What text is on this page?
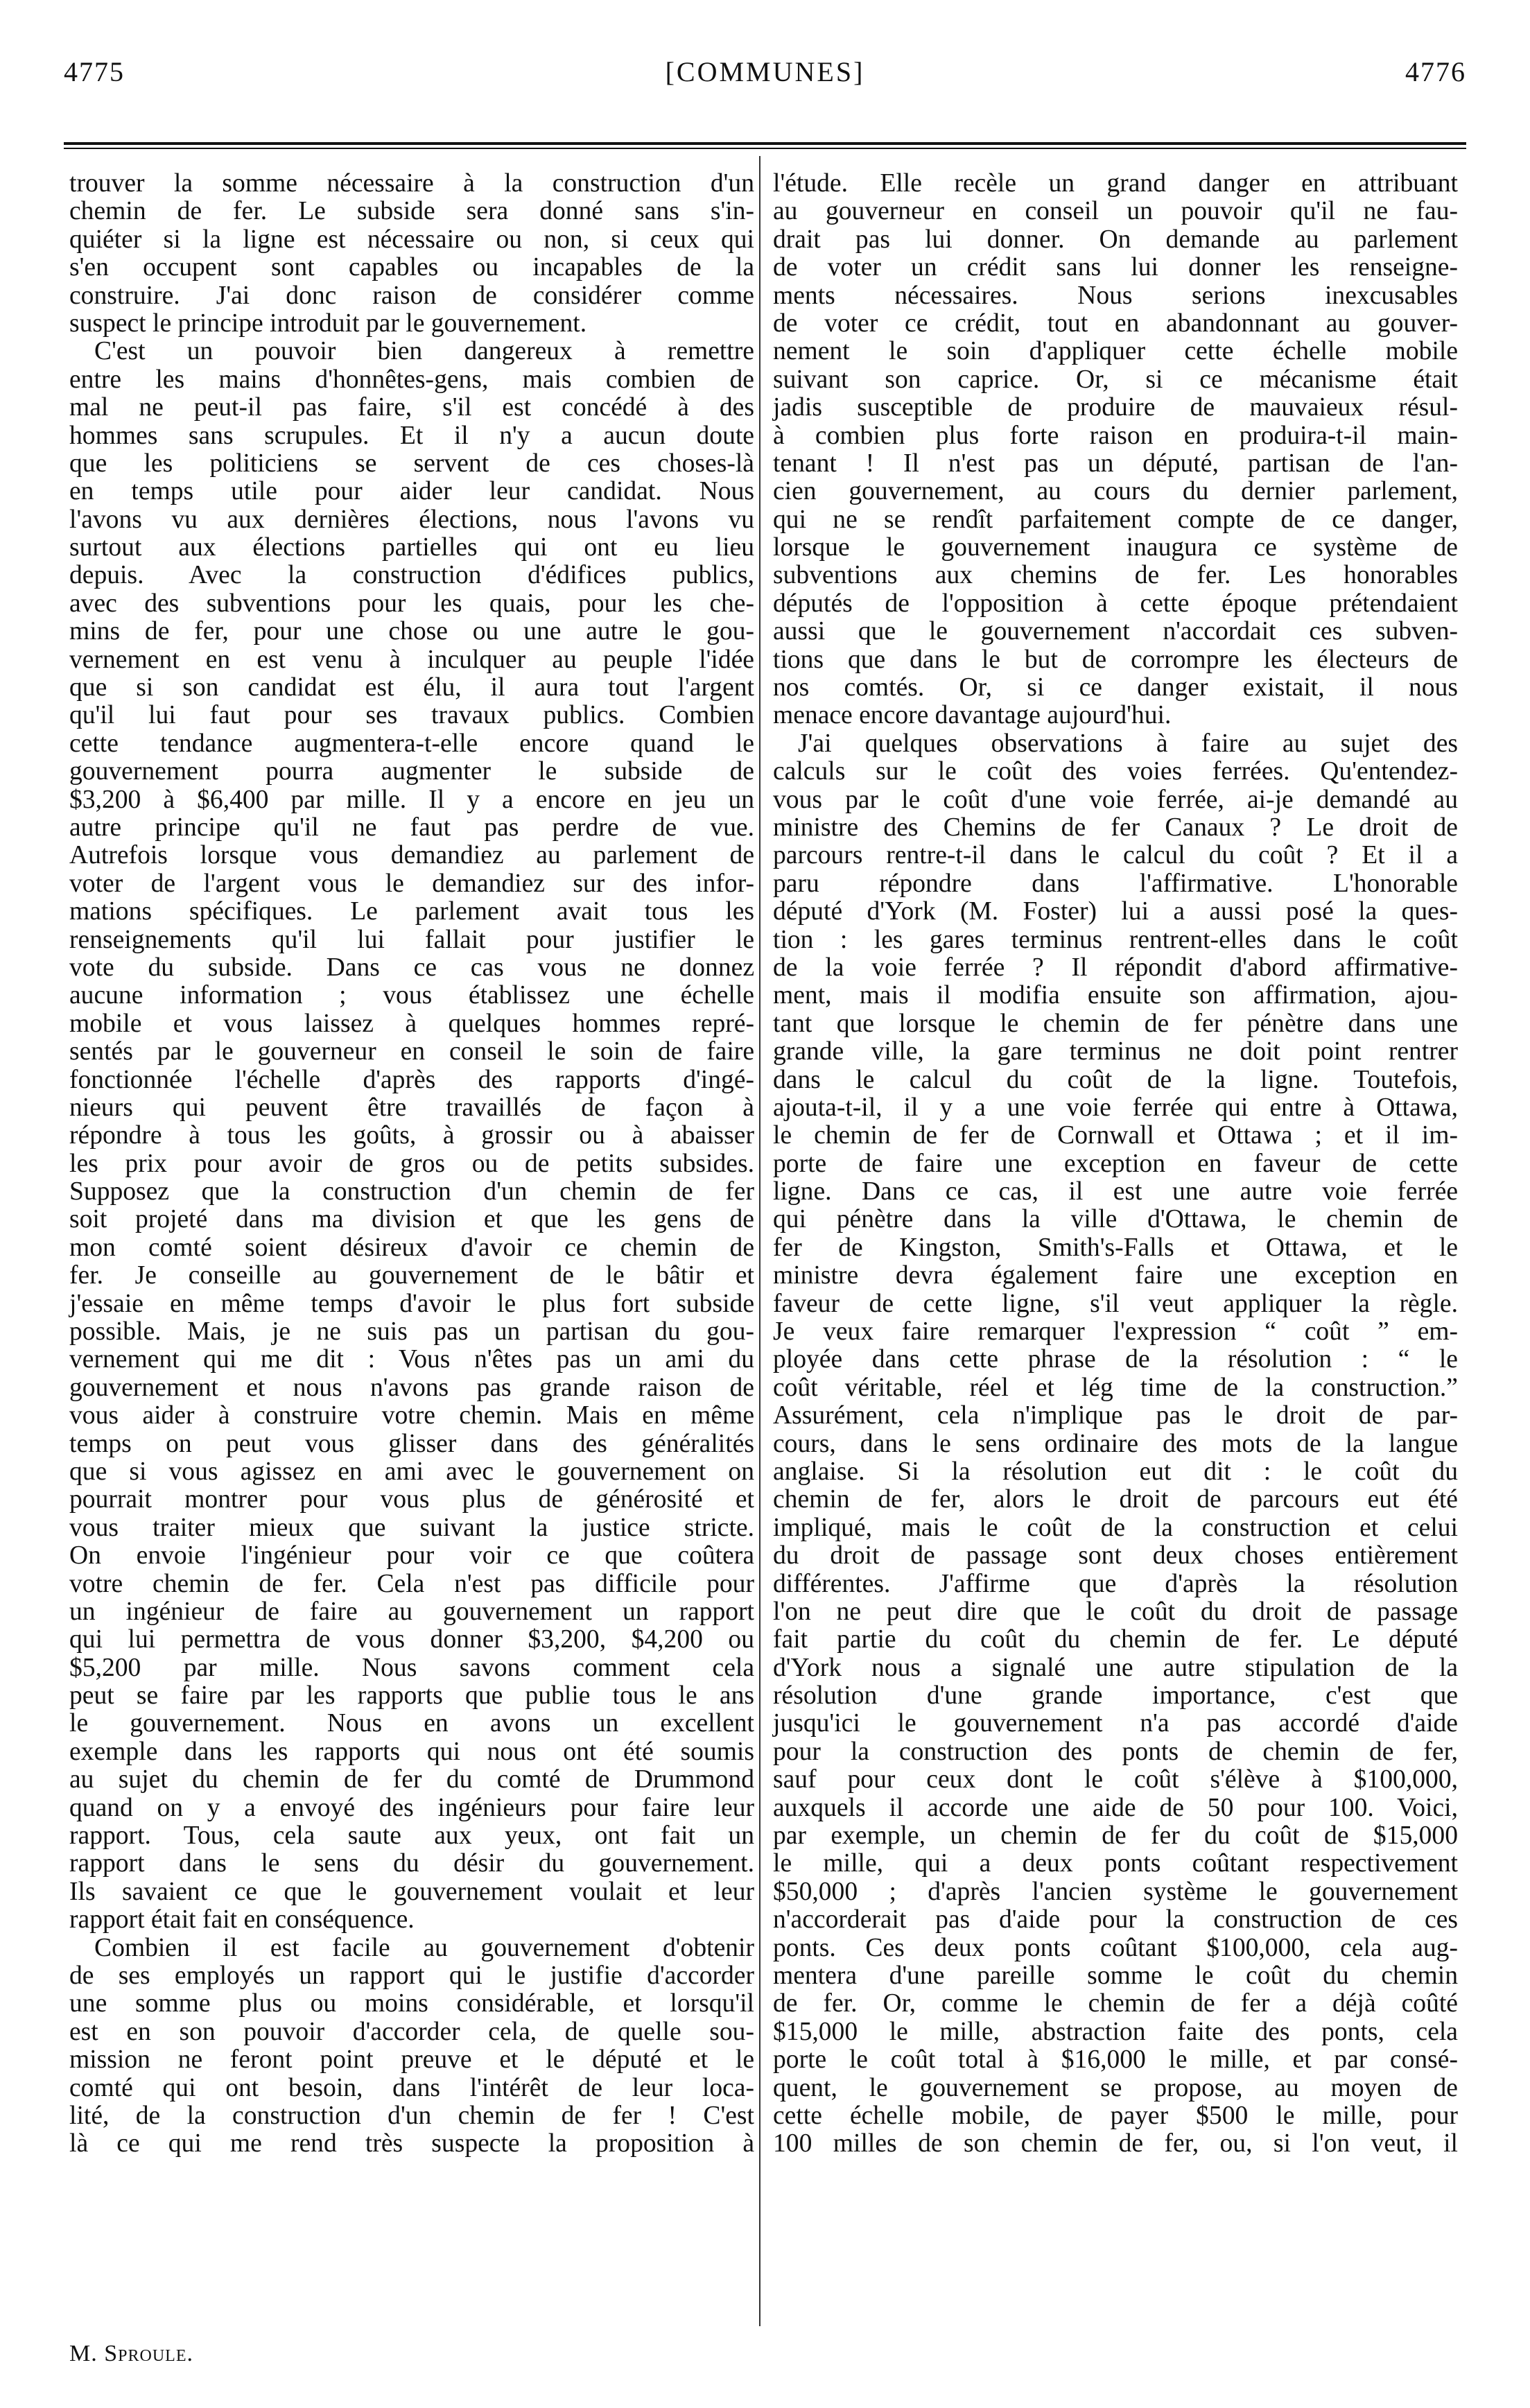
4775	[COMMUNES]	4776
trouver la somme nécessaire à la construction d'un
chemin de fer. Le subside sera donné sans s'in-
quiéter si la ligne est nécessaire ou non, si ceux qui
s'en occupent sont capables ou incapables de la
construire. J'ai donc raison de considérer comme
suspect le principe introduit par le gouvernement.
C'est un pouvoir bien dangereux à remettre
entre les mains d'honnêtes-gens, mais combien de
mal ne peut-il pas faire, s'il est concédé à des
hommes sans scrupules. Et il n'y a aucun doute
que les politiciens se servent de ces choses-là
en temps utile pour aider leur candidat. Nous
l'avons vu aux dernières élections, nous l'avons vu
surtout aux élections partielles qui ont eu lieu
depuis. Avec la construction d'édifices publics,
avec des subventions pour les quais, pour les che-
mins de fer, pour une chose ou une autre le gou-
vernement en est venu à inculquer au peuple l'idée
que si son candidat est élu, il aura tout l'argent
qu'il lui faut pour ses travaux publics. Combien
cette tendance augmentera-t-elle encore quand le
gouvernement pourra augmenter le subside de
$3,200 à $6,400 par mille. Il y a encore en jeu un
autre principe qu'il ne faut pas perdre de vue.
Autrefois lorsque vous demandiez au parlement de
voter de l'argent vous le demandiez sur des infor-
mations spécifiques. Le parlement avait tous les
renseignements qu'il lui fallait pour justifier le
vote du subside. Dans ce cas vous ne donnez
aucune information ; vous établissez une échelle
mobile et vous laissez à quelques hommes repré-
sentés par le gouverneur en conseil le soin de faire
fonctionnée l'échelle d'après des rapports d'ingé-
nieurs qui peuvent être travaillés de façon à
répondre à tous les goûts, à grossir ou à abaisser
les prix pour avoir de gros ou de petits subsides.
Supposez que la construction d'un chemin de fer
soit projeté dans ma division et que les gens de
mon comté soient désireux d'avoir ce chemin de
fer. Je conseille au gouvernement de le bâtir et
j'essaie en même temps d'avoir le plus fort subside
possible. Mais, je ne suis pas un partisan du gou-
vernement qui me dit : Vous n'êtes pas un ami du
gouvernement et nous n'avons pas grande raison de
vous aider à construire votre chemin. Mais en même
temps on peut vous glisser dans des généralités
que si vous agissez en ami avec le gouvernement on
pourrait montrer pour vous plus de générosité et
vous traiter mieux que suivant la justice stricte.
On envoie l'ingénieur pour voir ce que coûtera
votre chemin de fer. Cela n'est pas difficile pour
un ingénieur de faire au gouvernement un rapport
qui lui permettra de vous donner $3,200, $4,200 ou
$5,200 par mille. Nous savons comment cela
peut se faire par les rapports que publie tous le ans
le gouvernement. Nous en avons un excellent
exemple dans les rapports qui nous ont été soumis
au sujet du chemin de fer du comté de Drummond
quand on y a envoyé des ingénieurs pour faire leur
rapport. Tous, cela saute aux yeux, ont fait un
rapport dans le sens du désir du gouvernement.
Ils savaient ce que le gouvernement voulait et leur
rapport était fait en conséquence.
Combien il est facile au gouvernement d'obtenir
de ses employés un rapport qui le justifie d'accorder
une somme plus ou moins considérable, et lorsqu'il
est en son pouvoir d'accorder cela, de quelle sou-
mission ne feront point preuve et le député et le
comté qui ont besoin, dans l'intérêt de leur loca-
lité, de la construction d'un chemin de fer ! C'est
là ce qui me rend très suspecte la proposition à
l'étude. Elle recèle un grand danger en attribuant
au gouverneur en conseil un pouvoir qu'il ne fau-
drait pas lui donner. On demande au parlement
de voter un crédit sans lui donner les renseigne-
ments nécessaires. Nous serions inexcusables
de voter ce crédit, tout en abandonnant au gouver-
nement le soin d'appliquer cette échelle mobile
suivant son caprice. Or, si ce mécanisme était
jadis susceptible de produire de mauvaieux résul-
à combien plus forte raison en produira-t-il main-
tenant ! Il n'est pas un député, partisan de l'an-
cien gouvernement, au cours du dernier parlement,
qui ne se rendît parfaitement compte de ce danger,
lorsque le gouvernement inaugura ce système de
subventions aux chemins de fer. Les honorables
députés de l'opposition à cette époque prétendaient
aussi que le gouvernement n'accordait ces subven-
tions que dans le but de corrompre les électeurs de
nos comtés. Or, si ce danger existait, il nous
menace encore davantage aujourd'hui.
J'ai quelques observations à faire au sujet des
calculs sur le coût des voies ferrées. Qu'entendez-
vous par le coût d'une voie ferrée, ai-je demandé au
ministre des Chemins de fer Canaux ? Le droit de
parcours rentre-t-il dans le calcul du coût ? Et il a
paru répondre dans l'affirmative. L'honorable
député d'York (M. Foster) lui a aussi posé la ques-
tion : les gares terminus rentrent-elles dans le coût
de la voie ferrée ? Il répondit d'abord affirmative-
ment, mais il modifia ensuite son affirmation, ajou-
tant que lorsque le chemin de fer pénètre dans une
grande ville, la gare terminus ne doit point rentrer
dans le calcul du coût de la ligne. Toutefois,
ajouta-t-il, il y a une voie ferrée qui entre à Ottawa,
le chemin de fer de Cornwall et Ottawa ; et il im-
porte de faire une exception en faveur de cette
ligne. Dans ce cas, il est une autre voie ferrée
qui pénètre dans la ville d'Ottawa, le chemin de
fer de Kingston, Smith's-Falls et Ottawa, et le
ministre devra également faire une exception en
faveur de cette ligne, s'il veut appliquer la règle.
Je veux faire remarquer l'expression “ coût ” em-
ployée dans cette phrase de la résolution : “ le
coût véritable, réel et lég time de la construction.”
Assurément, cela n'implique pas le droit de par-
cours, dans le sens ordinaire des mots de la langue
anglaise. Si la résolution eut dit : le coût du
chemin de fer, alors le droit de parcours eut été
impliqué, mais le coût de la construction et celui
du droit de passage sont deux choses entièrement
différentes. J'affirme que d'après la résolution
l'on ne peut dire que le coût du droit de passage
fait partie du coût du chemin de fer. Le député
d'York nous a signalé une autre stipulation de la
résolution d'une grande importance, c'est que
jusqu'ici le gouvernement n'a pas accordé d'aide
pour la construction des ponts de chemin de fer,
sauf pour ceux dont le coût s'élève à $100,000,
auxquels il accorde une aide de 50 pour 100. Voici,
par exemple, un chemin de fer du coût de $15,000
le mille, qui a deux ponts coûtant respectivement
$50,000 ; d'après l'ancien système le gouvernement
n'accorderait pas d'aide pour la construction de ces
ponts. Ces deux ponts coûtant $100,000, cela aug-
mentera d'une pareille somme le coût du chemin
de fer. Or, comme le chemin de fer a déjà coûté
$15,000 le mille, abstraction faite des ponts, cela
porte le coût total à $16,000 le mille, et par consé-
quent, le gouvernement se propose, au moyen de
cette échelle mobile, de payer $500 le mille, pour
100 milles de son chemin de fer, ou, si l'on veut, il
M. Sproule.
